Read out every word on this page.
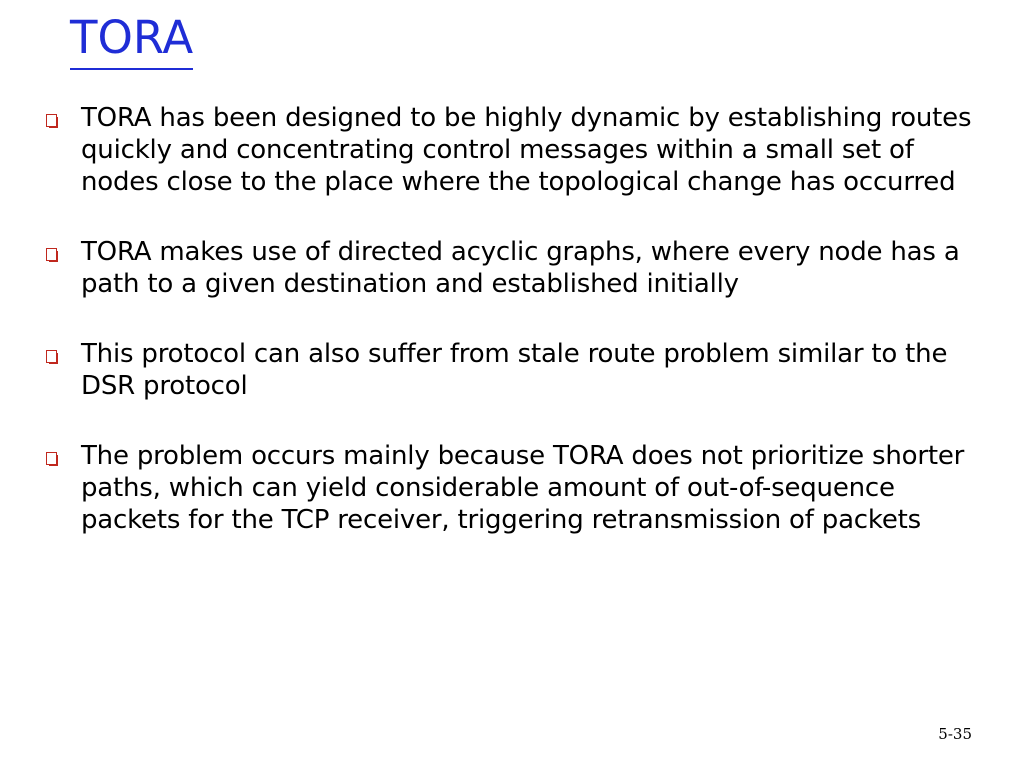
TORA
TORA has been designed to be highly dynamic by establishing routes quickly and concentrating control messages within a small set of nodes close to the place where the topological change has occurred
TORA makes use of directed acyclic graphs, where every node has a path to a given destination and established initially
This protocol can also suffer from stale route problem similar to the DSR protocol
The problem occurs mainly because TORA does not prioritize shorter paths, which can yield considerable amount of out-of-sequence packets for the TCP receiver, triggering retransmission of packets
5-35
